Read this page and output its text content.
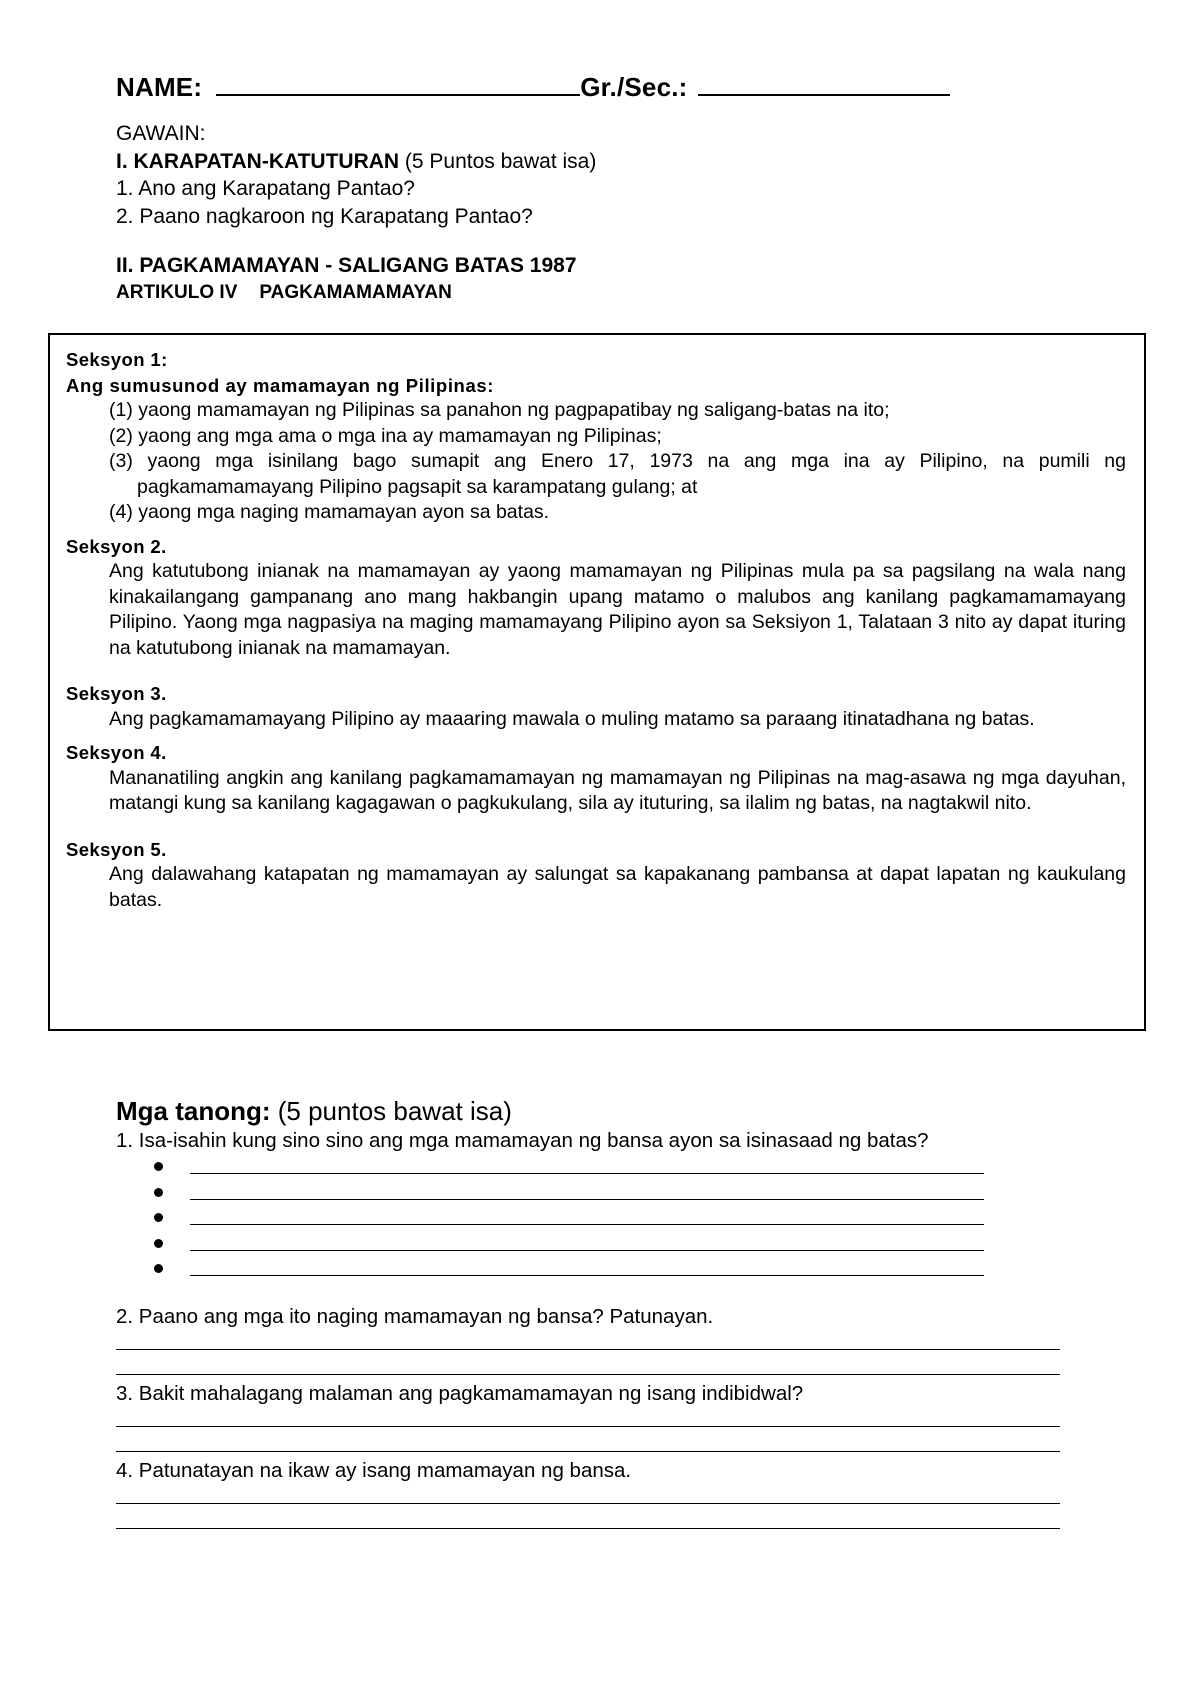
NAME:	Gr./Sec.:
GAWAIN:
I. KARAPATAN-KATUTURAN (5 Puntos bawat isa)
1. Ano ang Karapatang Pantao?
2. Paano nagkaroon ng Karapatang Pantao?
II. PAGKAMAMAYAN - SALIGANG BATAS 1987
ARTIKULO IV PAGKAMAMAMAYAN
Seksyon 1:
Ang sumusunod ay mamamayan ng Pilipinas:
(1) yaong mamamayan ng Pilipinas sa panahon ng pagpapatibay ng saligang-batas na ito;
(2) yaong ang mga ama o mga ina ay mamamayan ng Pilipinas;
(3) yaong mga isinilang bago sumapit ang Enero 17, 1973 na ang mga ina ay Pilipino, na pumili ng pagkamamamayang Pilipino pagsapit sa karampatang gulang; at
(4) yaong mga naging mamamayan ayon sa batas.
Seksyon 2.
Ang katutubong inianak na mamamayan ay yaong mamamayan ng Pilipinas mula pa sa pagsilang na wala nang kinakailangang gampanang ano mang hakbangin upang matamo o malubos ang kanilang pagkamamamayang Pilipino. Yaong mga nagpasiya na maging mamamayang Pilipino ayon sa Seksiyon 1, Talataan 3 nito ay dapat ituring na katutubong inianak na mamamayan.
Seksyon 3.
Ang pagkamamamayang Pilipino ay maaaring mawala o muling matamo sa paraang itinatadhana ng batas.
Seksyon 4.
Mananatiling angkin ang kanilang pagkamamamayan ng mamamayan ng Pilipinas na mag-asawa ng mga dayuhan, matangi kung sa kanilang kagagawan o pagkukulang, sila ay ituturing, sa ilalim ng batas, na nagtakwil nito.
Seksyon 5.
Ang dalawahang katapatan ng mamamayan ay salungat sa kapakanang pambansa at dapat lapatan ng kaukulang batas.
Mga tanong: (5 puntos bawat isa)
1. Isa-isahin kung sino sino ang mga mamamayan ng bansa ayon sa isinasaad ng batas?
2. Paano ang mga ito naging mamamayan ng bansa? Patunayan.
3. Bakit mahalagang malaman ang pagkamamamayan ng isang indibidwal?
4. Patunatayan na ikaw ay isang mamamayan ng bansa.
